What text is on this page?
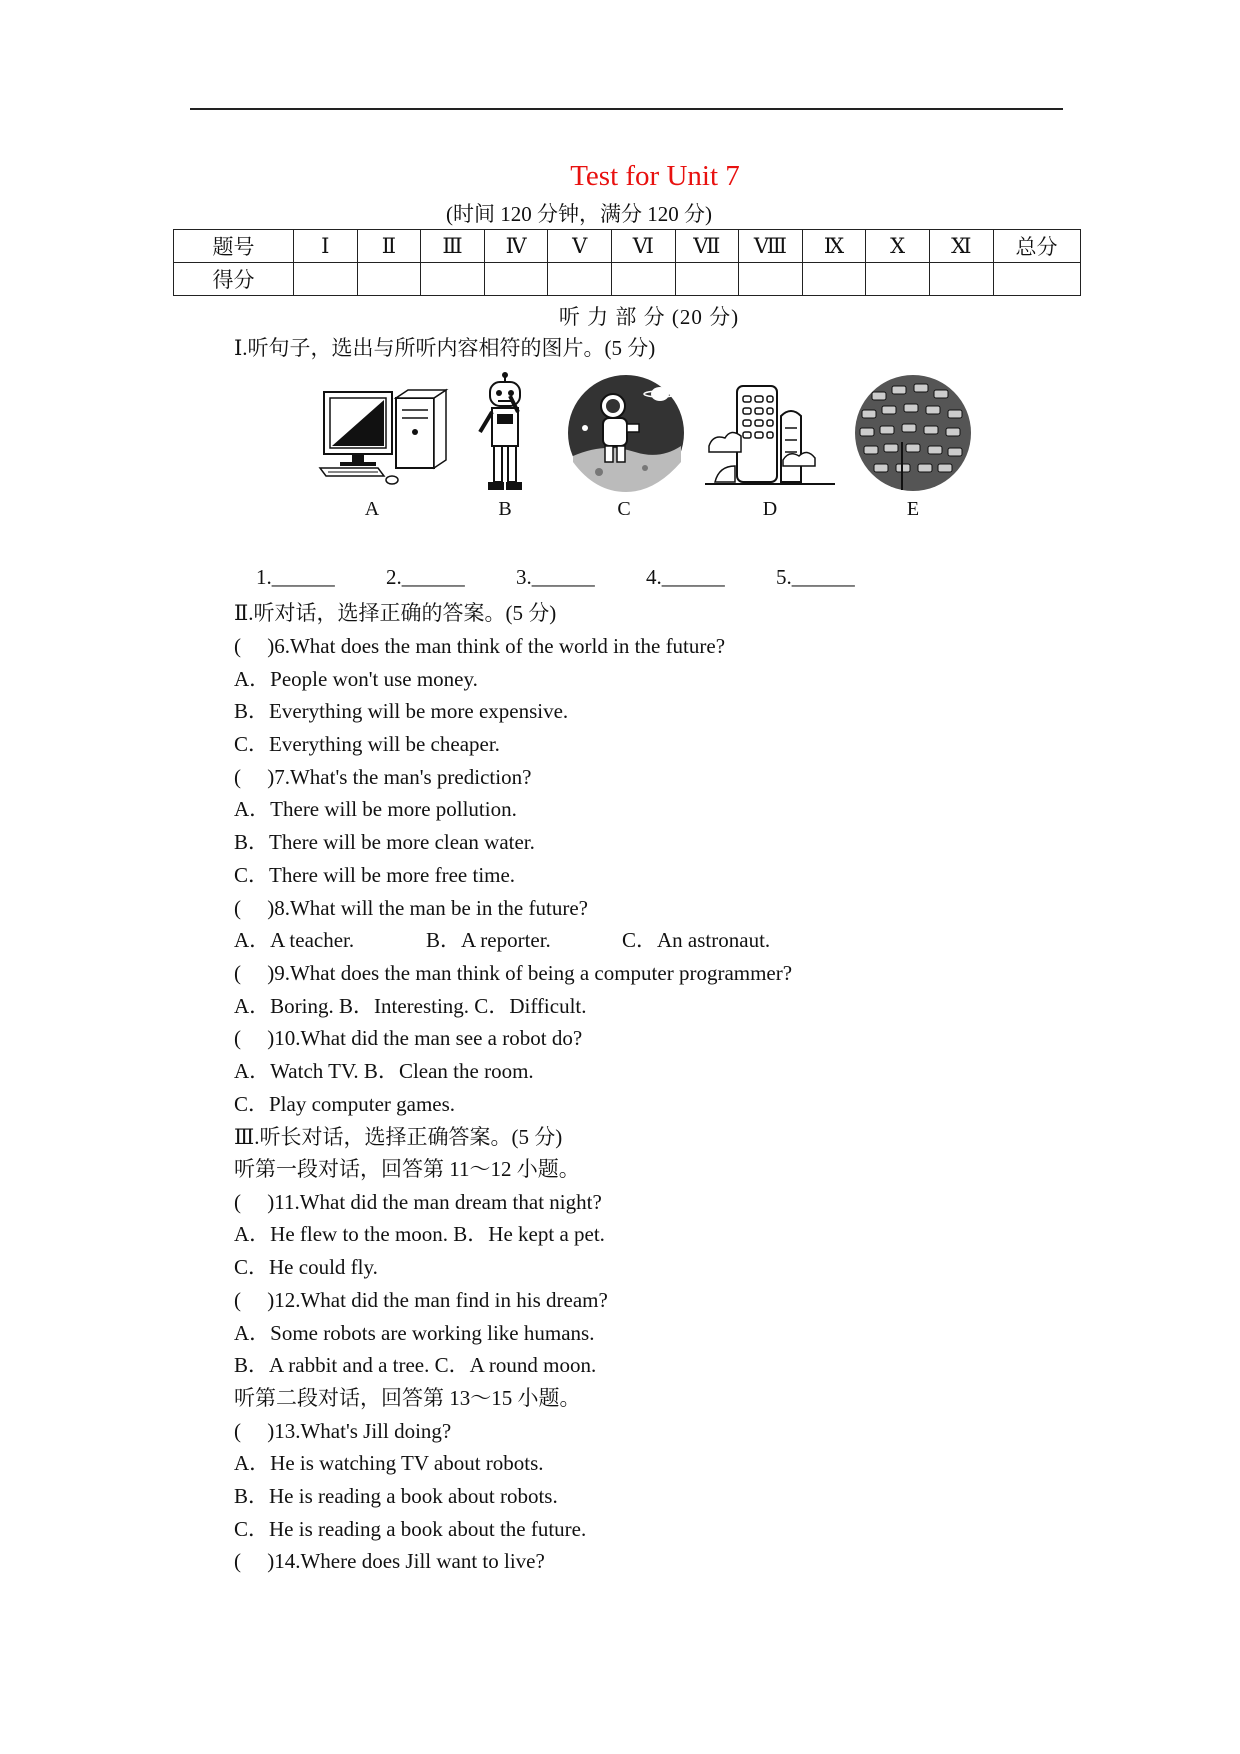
Test for Unit 7
(时间 120 分钟，满分 120 分)
题号	Ⅰ	Ⅱ	Ⅲ	Ⅳ	Ⅴ	Ⅵ	Ⅶ	Ⅷ	Ⅸ	Ⅹ	Ⅺ	总分
得分												
听 力 部 分 (20 分)
Ⅰ.听句子，选出与所听内容相符的图片。(5 分)
A	B	C	D	E
1.______ 2.______ 3.______ 4.______ 5.______
Ⅱ.听对话，选择正确的答案。(5 分)
(　 )6.What does the man think of the world in the future?
A．People won't use money.
B．Everything will be more expensive.
C．Everything will be cheaper.
(　 )7.What's the man's prediction?
A．There will be more pollution.
B．There will be more clean water.
C．There will be more free time.
(　 )8.What will the man be in the future?
A．A teacher.	B．A reporter.	C．An astronaut.
(　 )9.What does the man think of being a computer programmer?
A．Boring. B．Interesting. C．Difficult.
(　 )10.What did the man see a robot do?
A．Watch TV. B．Clean the room.
C．Play computer games.
Ⅲ.听长对话，选择正确答案。(5 分)
听第一段对话，回答第 11～12 小题。
(　 )11.What did the man dream that night?
A．He flew to the moon. B．He kept a pet.
C．He could fly.
(　 )12.What did the man find in his dream?
A．Some robots are working like humans.
B．A rabbit and a tree. C．A round moon.
听第二段对话，回答第 13～15 小题。
(　 )13.What's Jill doing?
A．He is watching TV about robots.
B．He is reading a book about robots.
C．He is reading a book about the future.
(　 )14.Where does Jill want to live?
